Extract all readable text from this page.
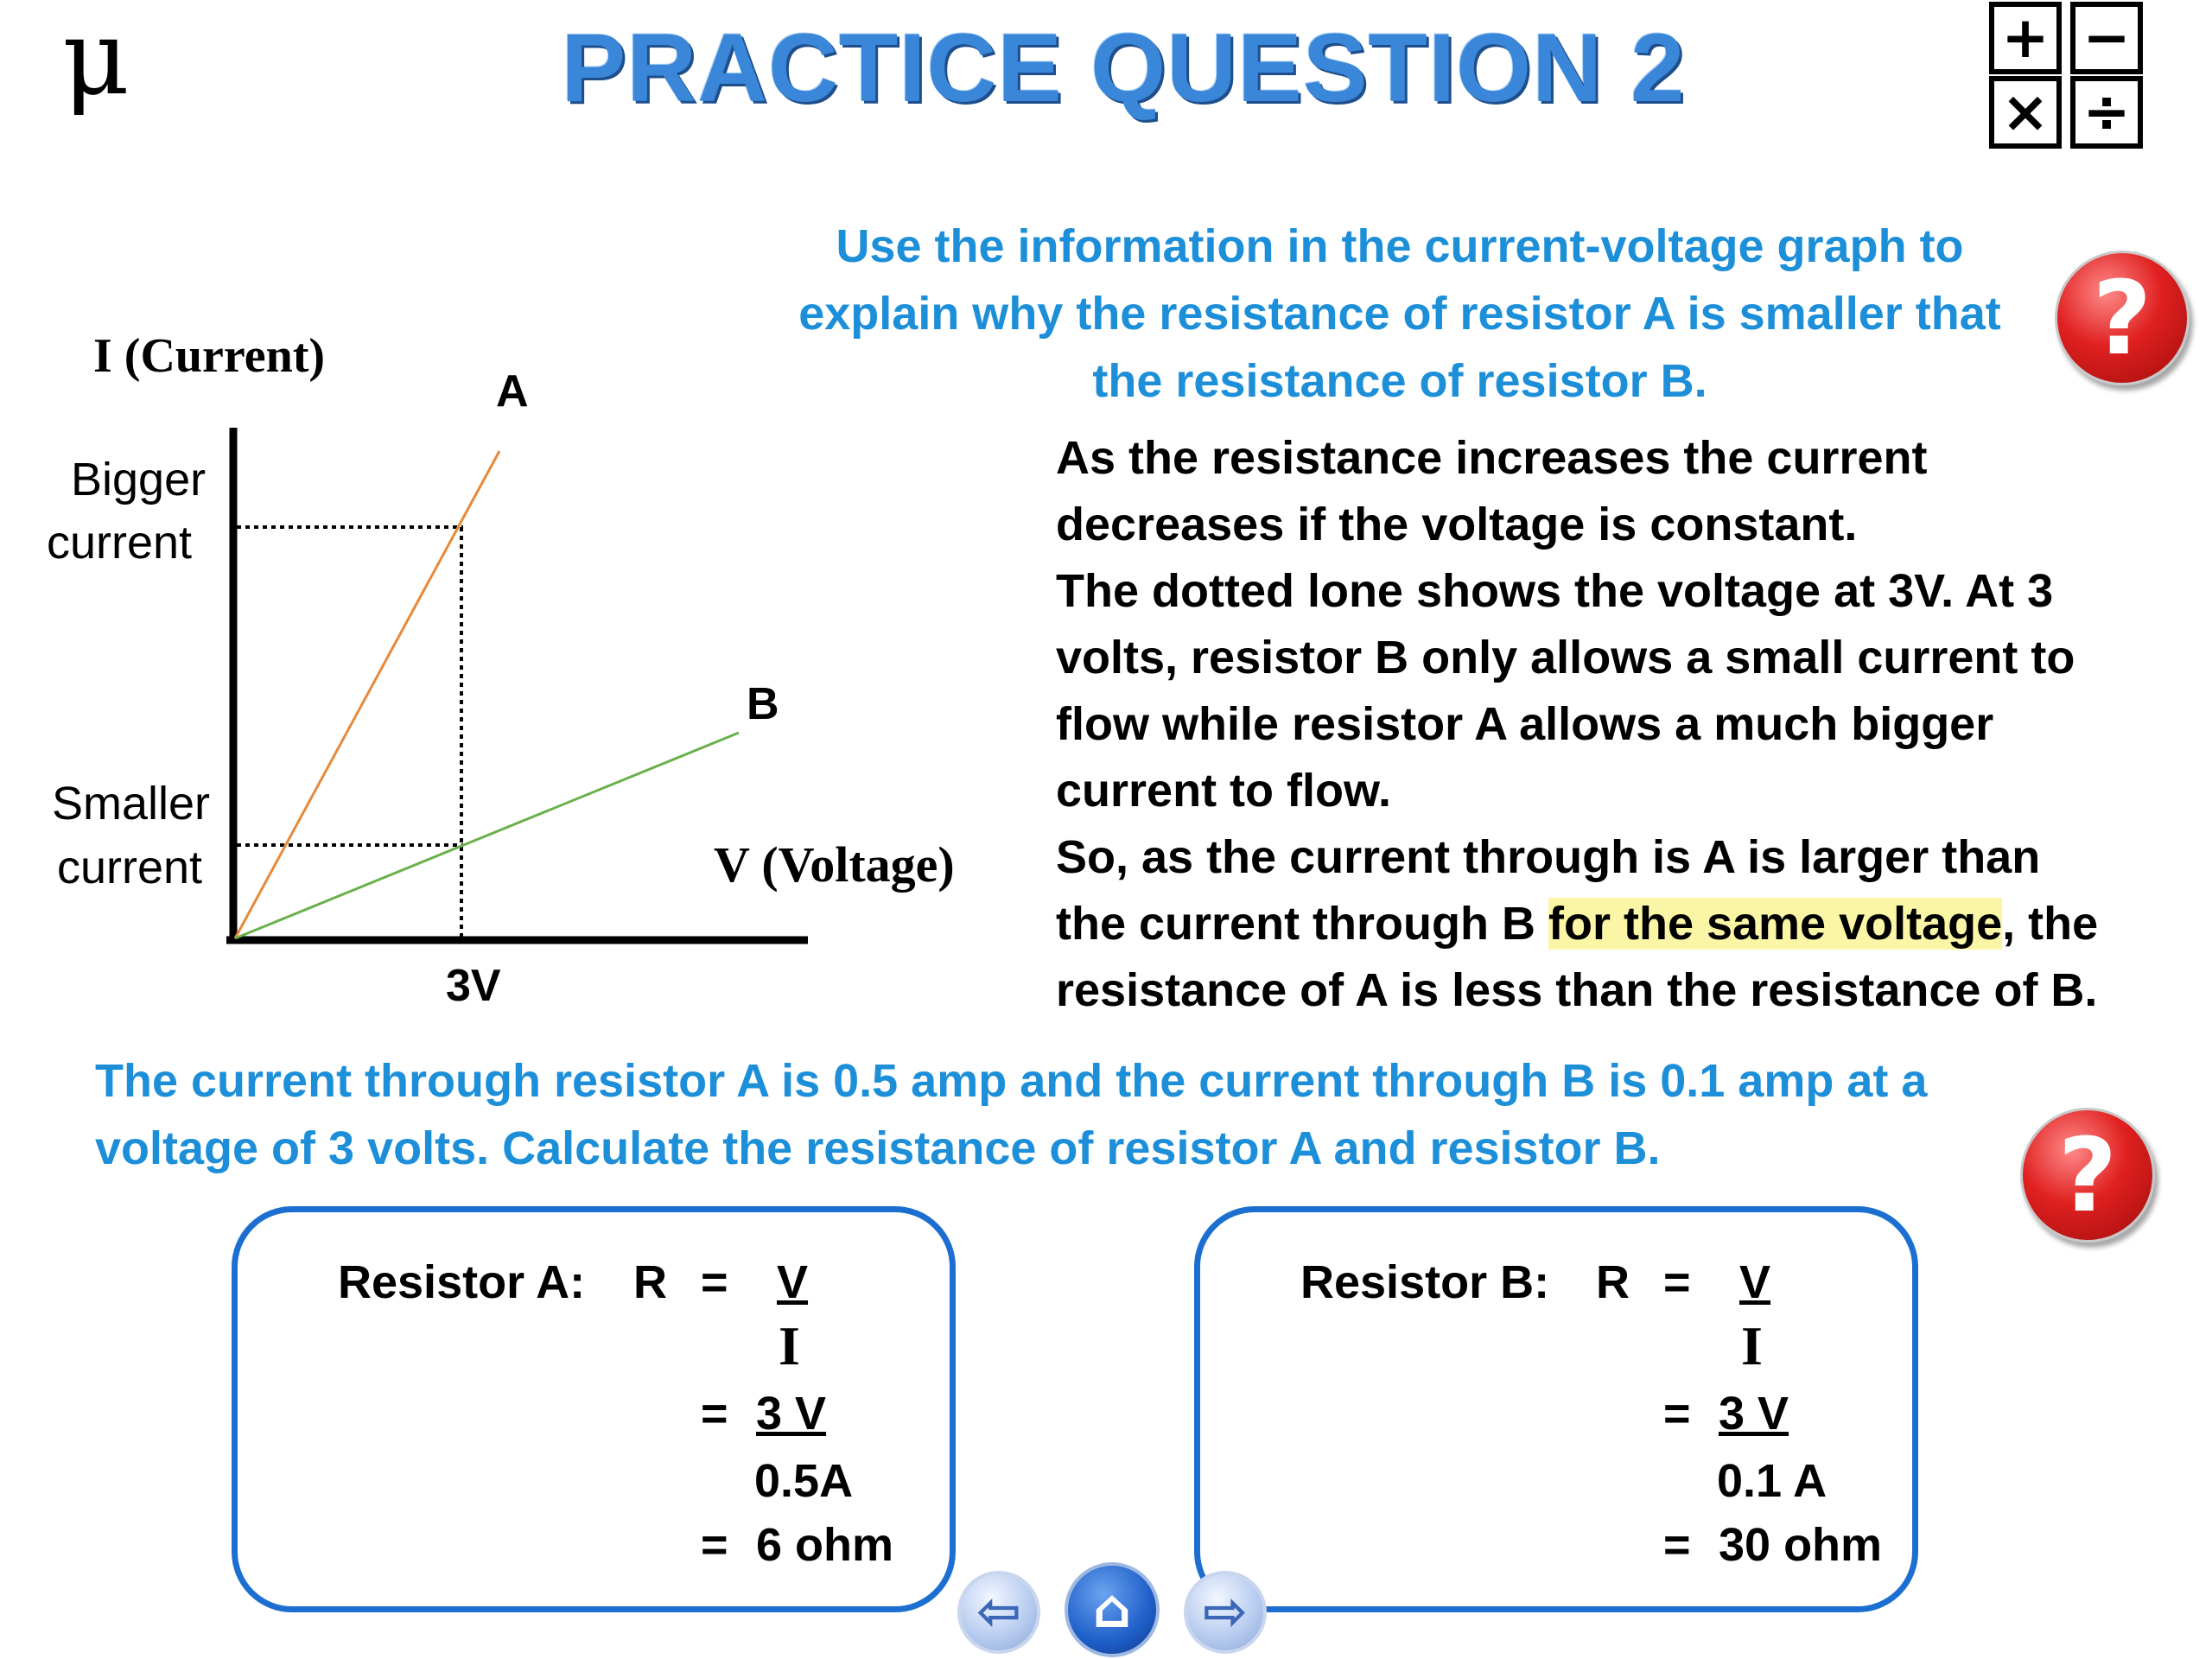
μ	PRACTICE QUESTION 2	+ −
× ÷
Use the information in the current-voltage graph to
explain why the resistance of resistor A is smaller that
the resistance of resistor B.
?
I (Current)
A
B
Bigger
current
Smaller
current	V (Voltage)
3V
As the resistance increases the current
decreases if the voltage is constant.
The dotted lone shows the voltage at 3V. At 3
volts, resistor B only allows a small current to
flow while resistor A allows a much bigger
current to flow.
So, as the current through is A is larger than
the current through B for the same voltage, the
resistance of A is less than the resistance of B.
The current through resistor A is 0.5 amp and the current through B is 0.1 amp at a
voltage of 3 volts. Calculate the resistance of resistor A and resistor B.	?
Resistor A: R = V
I
= 3 V
0.5A
= 6 ohm
Resistor B: R = V
I
= 3 V
0.1 A
= 30 ohm
⇦	⌂	⇨
